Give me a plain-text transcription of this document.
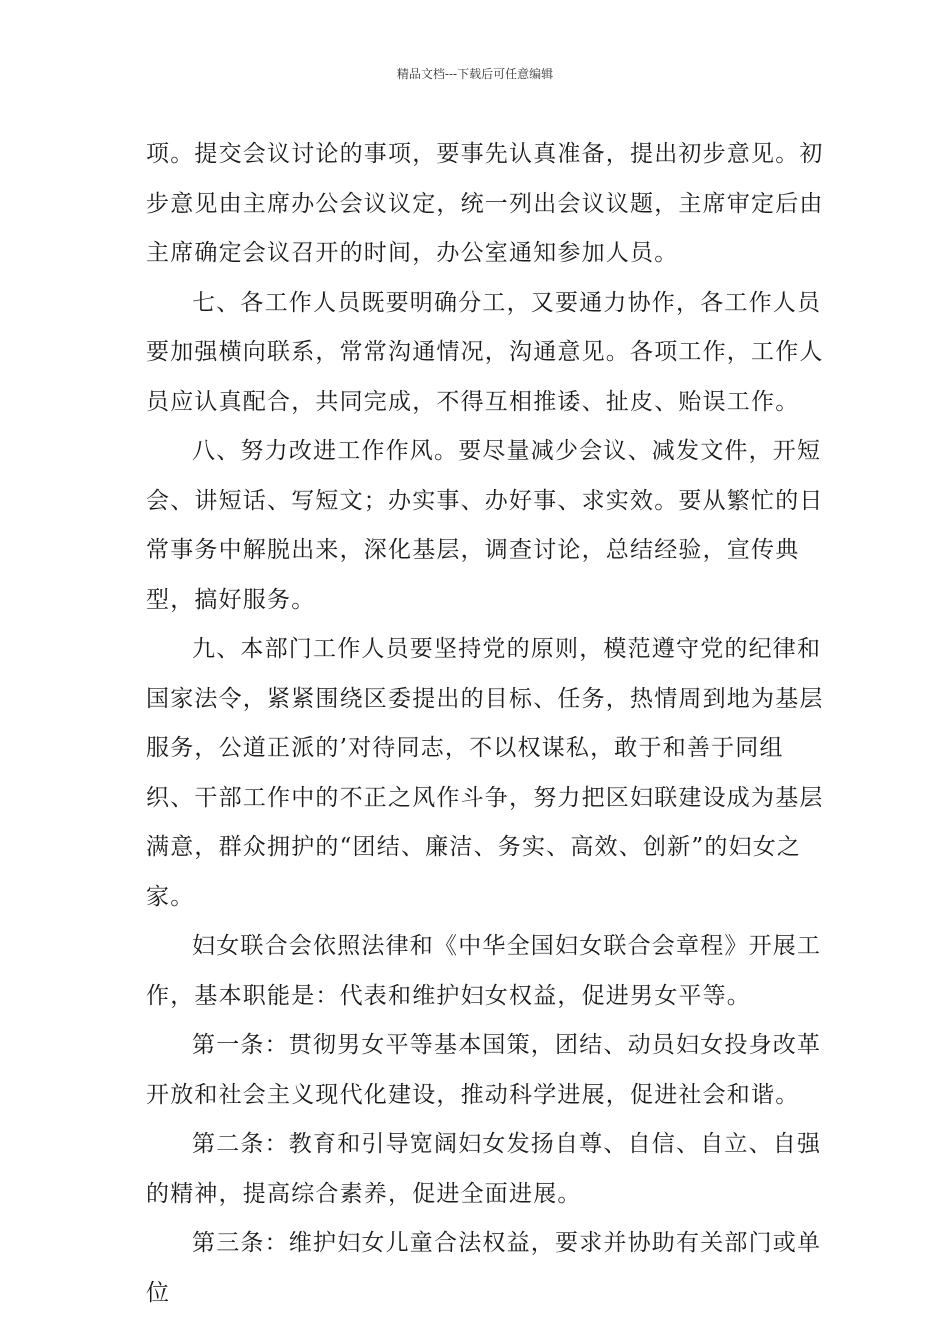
精品文档---下载后可任意编辑

项。提交会议讨论的事项，要事先认真准备，提出初步意见。初步意见由主席办公会议议定，统一列出会议议题，主席审定后由主席确定会议召开的时间，办公室通知参加人员。

七、各工作人员既要明确分工，又要通力协作，各工作人员要加强横向联系，常常沟通情况，沟通意见。各项工作，工作人员应认真配合，共同完成，不得互相推诿、扯皮、贻误工作。

八、努力改进工作作风。要尽量减少会议、减发文件，开短会、讲短话、写短文；办实事、办好事、求实效。要从繁忙的日常事务中解脱出来，深化基层，调查讨论，总结经验，宣传典型，搞好服务。

九、本部门工作人员要坚持党的原则，模范遵守党的纪律和国家法令，紧紧围绕区委提出的目标、任务，热情周到地为基层服务，公道正派的’对待同志，不以权谋私，敢于和善于同组织、干部工作中的不正之风作斗争，努力把区妇联建设成为基层满意，群众拥护的“团结、廉洁、务实、高效、创新”的妇女之家。

妇女联合会依照法律和《中华全国妇女联合会章程》开展工作，基本职能是：代表和维护妇女权益，促进男女平等。

第一条：贯彻男女平等基本国策，团结、动员妇女投身改革开放和社会主义现代化建设，推动科学进展，促进社会和谐。

第二条：教育和引导宽阔妇女发扬自尊、自信、自立、自强的精神，提高综合素养，促进全面进展。

第三条：维护妇女儿童合法权益，要求并协助有关部门或单位
